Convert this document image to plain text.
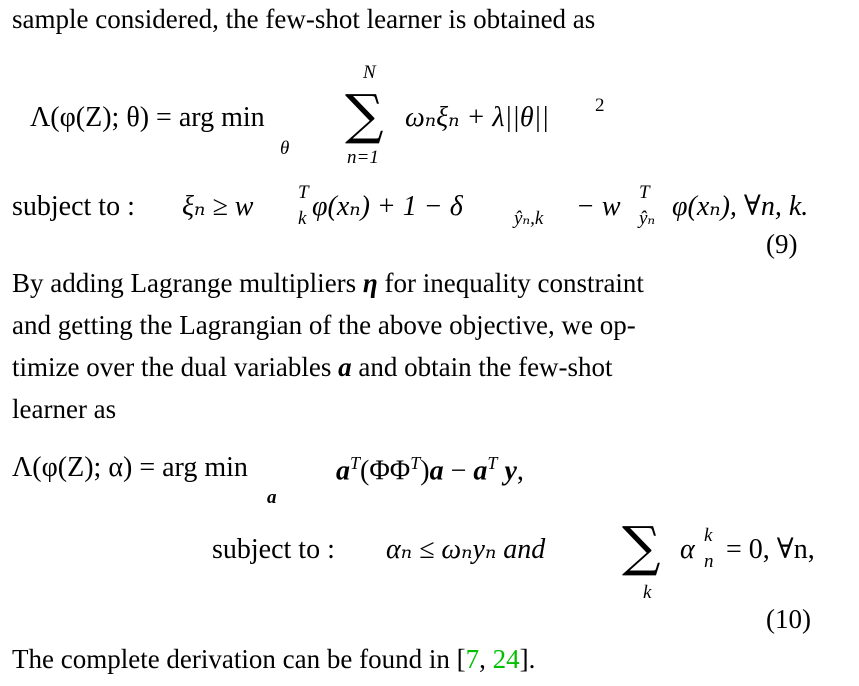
sample considered, the few-shot learner is obtained as
Λ(φ(Z); θ) = arg min
θ
N
∑
n=1
ωₙξₙ + λ||θ|| 2
subject to : ξₙ ≥ w T
k φ(xₙ) + 1 − δ	ŷₙ,k − w T
ŷₙ φ(xₙ), ∀n, k.
(9)
By adding Lagrange multipliers η for inequality constraint
and getting the Lagrangian of the above objective, we op-
timize over the dual variables a and obtain the few-shot
learner as
Λ(φ(Z); α) = arg min
a
$a^T(\Phi\Phi^T)a - a^T$ y,
subject to : αₙ ≤ ωₙyₙ and ∑
k
α k
n = 0, ∀n,
(10)
The complete derivation can be found in [7, 24].
